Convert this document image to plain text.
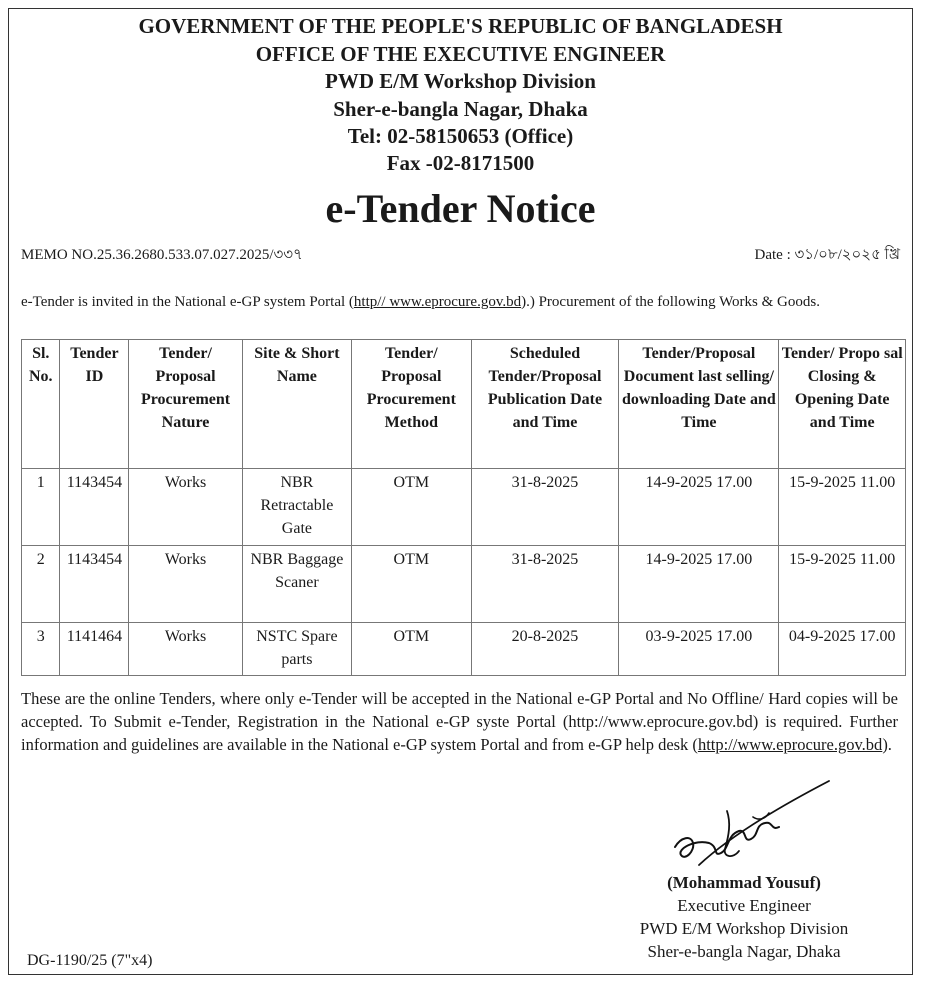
GOVERNMENT OF THE PEOPLE'S REPUBLIC OF BANGLADESH

OFFICE OF THE EXECUTIVE ENGINEER

PWD E/M Workshop Division

Sher-e-bangla Nagar, Dhaka

Tel: 02-58150653 (Office)

Fax -02-8171500

e-Tender Notice

MEMO NO.25.36.2680.533.07.027.2025/৩৩৭	Date : ৩১/০৮/২০২৫ খ্রি

e-Tender is invited in the National e-GP system Portal (http// www.eprocure.gov.bd).) Procurement of the following Works & Goods.

Sl. No.	Tender ID	Tender/ Proposal Procurement Nature	Site & Short Name	Tender/ Proposal Procurement Method	Scheduled Tender/Proposal Publication Date and Time	Tender/Proposal Document last selling/ downloading Date and Time	Tender/ Propo sal Closing & Opening Date and Time
1	1143454	Works	NBR Retractable Gate	OTM	31-8-2025	14-9-2025 17.00	15-9-2025 11.00
2	1143454	Works	NBR Baggage Scaner	OTM	31-8-2025	14-9-2025 17.00	15-9-2025 11.00
3	1141464	Works	NSTC Spare parts	OTM	20-8-2025	03-9-2025 17.00	04-9-2025 17.00

These are the online Tenders, where only e-Tender will be accepted in the National e-GP Portal and No Offline/ Hard copies will be accepted. To Submit e-Tender, Registration in the National e-GP syste Portal (http://www.eprocure.gov.bd) is required. Further information and guidelines are available in the National e-GP system Portal and from e-GP help desk (http://www.eprocure.gov.bd).

(Mohammad Yousuf)
Executive Engineer
PWD E/M Workshop Division
Sher-e-bangla Nagar, Dhaka
DG-1190/25 (7"x4)
